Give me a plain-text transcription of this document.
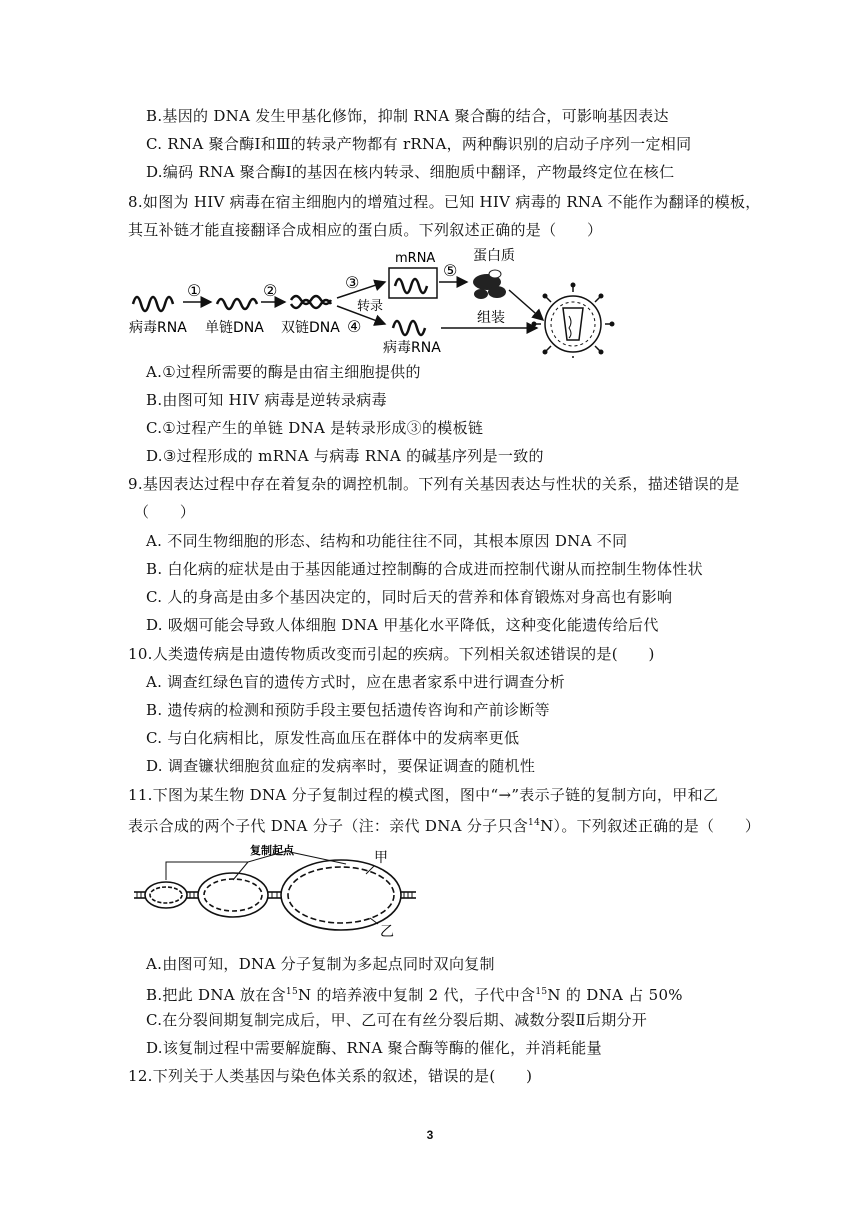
B.基因的 DNA 发生甲基化修饰，抑制 RNA 聚合酶的结合，可影响基因表达
C. RNA 聚合酶Ⅰ和Ⅲ的转录产物都有 rRNA，两种酶识别的启动子序列一定相同
D.编码 RNA 聚合酶Ⅰ的基因在核内转录、细胞质中翻译，产物最终定位在核仁
8.如图为 HIV 病毒在宿主细胞内的增殖过程。已知 HIV 病毒的 RNA 不能作为翻译的模板，
其互补链才能直接翻译合成相应的蛋白质。下列叙述正确的是（　　）
病毒RNA
①
单链DNA
②
双链DNA
③
④
转录
mRNA
病毒RNA
⑤
蛋白质
组装
A.①过程所需要的酶是由宿主细胞提供的
B.由图可知 HIV 病毒是逆转录病毒
C.①过程产生的单链 DNA 是转录形成③的模板链
D.③过程形成的 mRNA 与病毒 RNA 的碱基序列是一致的
9.基因表达过程中存在着复杂的调控机制。下列有关基因表达与性状的关系，描述错误的是
（　　）
A. 不同生物细胞的形态、结构和功能往往不同，其根本原因 DNA 不同
B. 白化病的症状是由于基因能通过控制酶的合成进而控制代谢从而控制生物体性状
C. 人的身高是由多个基因决定的，同时后天的营养和体育锻炼对身高也有影响
D. 吸烟可能会导致人体细胞 DNA 甲基化水平降低，这种变化能遗传给后代
10.人类遗传病是由遗传物质改变而引起的疾病。下列相关叙述错误的是(　　)
A. 调查红绿色盲的遗传方式时，应在患者家系中进行调查分析
B. 遗传病的检测和预防手段主要包括遗传咨询和产前诊断等
C. 与白化病相比，原发性高血压在群体中的发病率更低
D. 调查镰状细胞贫血症的发病率时，要保证调查的随机性
11.下图为某生物 DNA 分子复制过程的模式图，图中“→”表示子链的复制方向，甲和乙
表示合成的两个子代 DNA 分子（注：亲代 DNA 分子只含$^{14}$N）。下列叙述正确的是（　　）
复制起点	甲
乙
A.由图可知，DNA 分子复制为多起点同时双向复制
B.把此 DNA 放在含$^{15}$N 的培养液中复制 2 代，子代中含$^{15}$N 的 DNA 占 50%
C.在分裂间期复制完成后，甲、乙可在有丝分裂后期、减数分裂Ⅱ后期分开
D.该复制过程中需要解旋酶、RNA 聚合酶等酶的催化，并消耗能量
12.下列关于人类基因与染色体关系的叙述，错误的是(　　)
3
